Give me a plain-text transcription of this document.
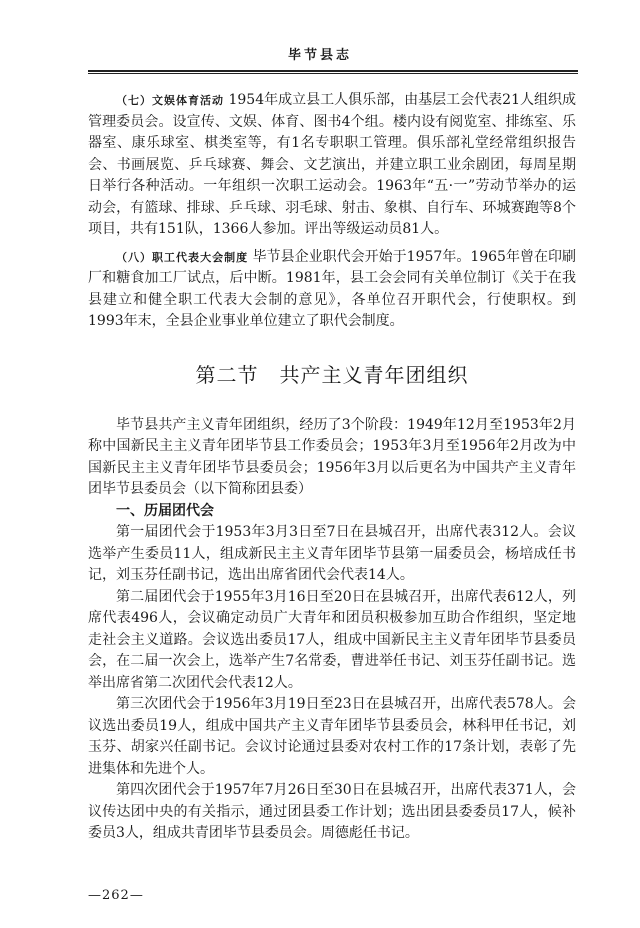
毕节县志

（七）文娱体育活动 1954年成立县工人俱乐部，由基层工会代表21人组织成管理委员会。设宣传、文娱、体育、图书4个组。楼内设有阅览室、排练室、乐器室、康乐球室、棋类室等，有1名专职职工管理。俱乐部礼堂经常组织报告会、书画展览、乒乓球赛、舞会、文艺演出，并建立职工业余剧团，每周星期日举行各种活动。一年组织一次职工运动会。1963年“五·一”劳动节举办的运动会，有篮球、排球、乒乓球、羽毛球、射击、象棋、自行车、环城赛跑等8个项目，共有151队，1366人参加。评出等级运动员81人。

（八）职工代表大会制度 毕节县企业职代会开始于1957年。1965年曾在印刷厂和糖食加工厂试点，后中断。1981年，县工会会同有关单位制订《关于在我县建立和健全职工代表大会制的意见》，各单位召开职代会，行使职权。到1993年末，全县企业事业单位建立了职代会制度。

第二节　共产主义青年团组织

毕节县共产主义青年团组织，经历了3个阶段：1949年12月至1953年2月称中国新民主主义青年团毕节县工作委员会；1953年3月至1956年2月改为中国新民主主义青年团毕节县委员会；1956年3月以后更名为中国共产主义青年团毕节县委员会（以下简称团县委）

一、历届团代会

第一届团代会于1953年3月3日至7日在县城召开，出席代表312人。会议选举产生委员11人，组成新民主主义青年团毕节县第一届委员会，杨培成任书记，刘玉芬任副书记，选出出席省团代会代表14人。

第二届团代会于1955年3月16日至20日在县城召开，出席代表612人，列席代表496人，会议确定动员广大青年和团员积极参加互助合作组织，坚定地走社会主义道路。会议选出委员17人，组成中国新民主主义青年团毕节县委员会，在二届一次会上，选举产生7名常委，曹进举任书记、刘玉芬任副书记。选举出席省第二次团代会代表12人。

第三次团代会于1956年3月19日至23日在县城召开，出席代表578人。会议选出委员19人，组成中国共产主义青年团毕节县委员会，林科甲任书记，刘玉芬、胡家兴任副书记。会议讨论通过县委对农村工作的17条计划，表彰了先进集体和先进个人。

第四次团代会于1957年7月26日至30日在县城召开，出席代表371人，会议传达团中央的有关指示，通过团县委工作计划；选出团县委委员17人，候补委员3人，组成共青团毕节县委员会。周德彪任书记。

—262—
